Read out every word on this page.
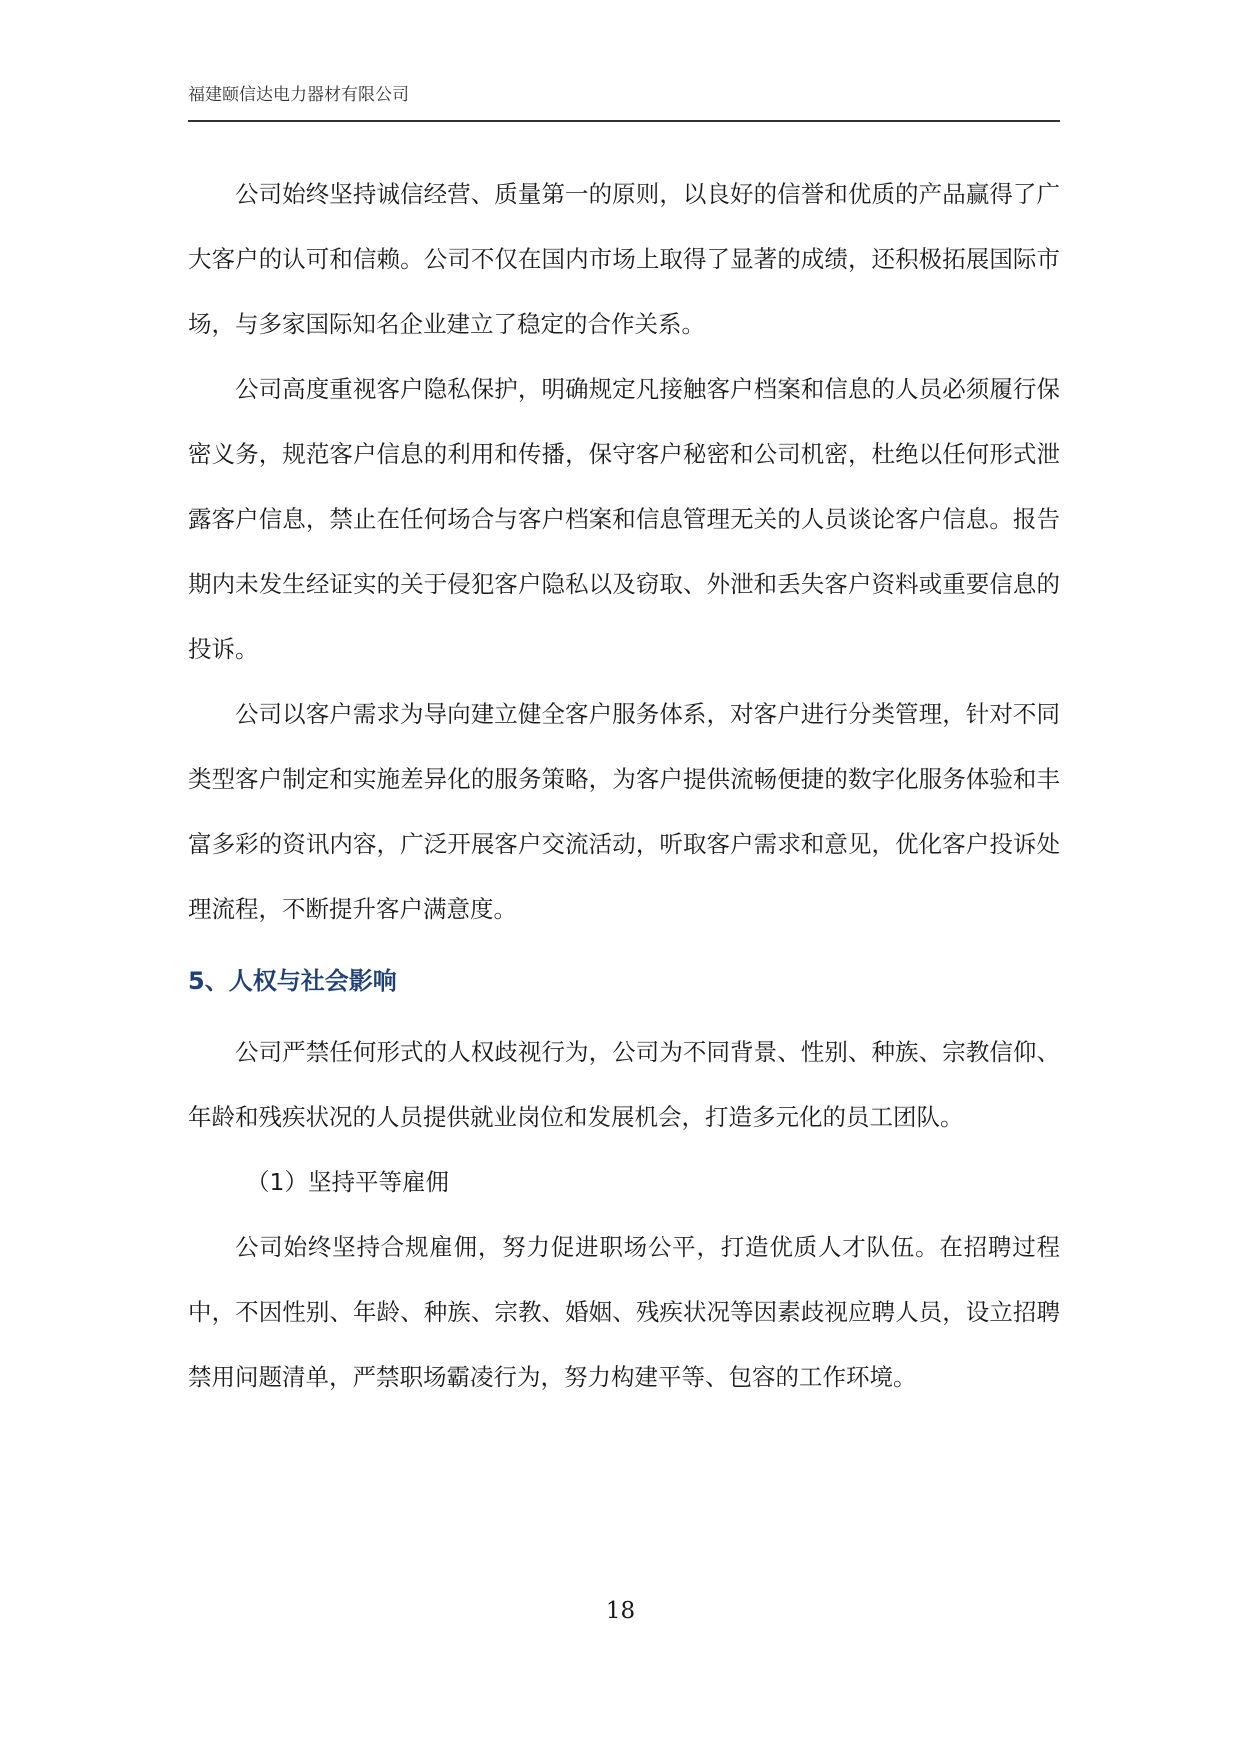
福建颐信达电力器材有限公司

公司始终坚持诚信经营、质量第一的原则，以良好的信誉和优质的产品赢得了广大客户的认可和信赖。公司不仅在国内市场上取得了显著的成绩，还积极拓展国际市场，与多家国际知名企业建立了稳定的合作关系。

公司高度重视客户隐私保护，明确规定凡接触客户档案和信息的人员必须履行保密义务，规范客户信息的利用和传播，保守客户秘密和公司机密，杜绝以任何形式泄露客户信息，禁止在任何场合与客户档案和信息管理无关的人员谈论客户信息。报告期内未发生经证实的关于侵犯客户隐私以及窃取、外泄和丢失客户资料或重要信息的投诉。

公司以客户需求为导向建立健全客户服务体系，对客户进行分类管理，针对不同类型客户制定和实施差异化的服务策略，为客户提供流畅便捷的数字化服务体验和丰富多彩的资讯内容，广泛开展客户交流活动，听取客户需求和意见，优化客户投诉处理流程，不断提升客户满意度。

5、人权与社会影响

公司严禁任何形式的人权歧视行为，公司为不同背景、性别、种族、宗教信仰、年龄和残疾状况的人员提供就业岗位和发展机会，打造多元化的员工团队。

（1）坚持平等雇佣

公司始终坚持合规雇佣，努力促进职场公平，打造优质人才队伍。在招聘过程中，不因性别、年龄、种族、宗教、婚姻、残疾状况等因素歧视应聘人员，设立招聘禁用问题清单，严禁职场霸凌行为，努力构建平等、包容的工作环境。

18
